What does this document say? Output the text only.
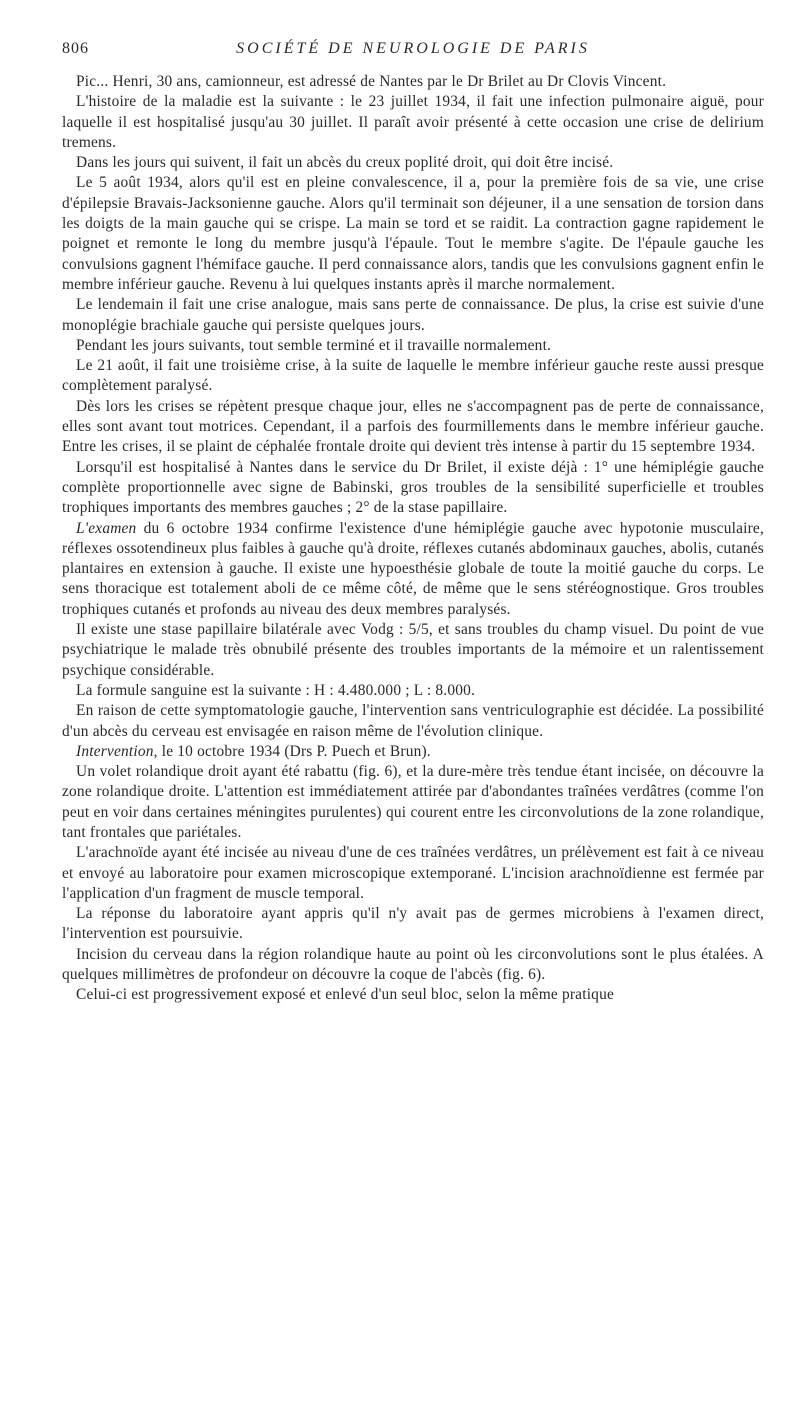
806	SOCIÉTÉ DE NEUROLOGIE DE PARIS

Pic... Henri, 30 ans, camionneur, est adressé de Nantes par le Dr Brilet au Dr Clovis Vincent.

L'histoire de la maladie est la suivante : le 23 juillet 1934, il fait une infection pulmonaire aiguë, pour laquelle il est hospitalisé jusqu'au 30 juillet. Il paraît avoir présenté à cette occasion une crise de delirium tremens.

Dans les jours qui suivent, il fait un abcès du creux poplité droit, qui doit être incisé.

Le 5 août 1934, alors qu'il est en pleine convalescence, il a, pour la première fois de sa vie, une crise d'épilepsie Bravais-Jacksonienne gauche. Alors qu'il terminait son déjeuner, il a une sensation de torsion dans les doigts de la main gauche qui se crispe. La main se tord et se raidit. La contraction gagne rapidement le poignet et remonte le long du membre jusqu'à l'épaule. Tout le membre s'agite. De l'épaule gauche les convulsions gagnent l'hémiface gauche. Il perd connaissance alors, tandis que les convulsions gagnent enfin le membre inférieur gauche. Revenu à lui quelques instants après il marche normalement.

Le lendemain il fait une crise analogue, mais sans perte de connaissance. De plus, la crise est suivie d'une monoplégie brachiale gauche qui persiste quelques jours.

Pendant les jours suivants, tout semble terminé et il travaille normalement.

Le 21 août, il fait une troisième crise, à la suite de laquelle le membre inférieur gauche reste aussi presque complètement paralysé.

Dès lors les crises se répètent presque chaque jour, elles ne s'accompagnent pas de perte de connaissance, elles sont avant tout motrices. Cependant, il a parfois des fourmillements dans le membre inférieur gauche. Entre les crises, il se plaint de céphalée frontale droite qui devient très intense à partir du 15 septembre 1934.

Lorsqu'il est hospitalisé à Nantes dans le service du Dr Brilet, il existe déjà : 1° une hémiplégie gauche complète proportionnelle avec signe de Babinski, gros troubles de la sensibilité superficielle et troubles trophiques importants des membres gauches ; 2° de la stase papillaire.

L'examen du 6 octobre 1934 confirme l'existence d'une hémiplégie gauche avec hypotonie musculaire, réflexes ossotendineux plus faibles à gauche qu'à droite, réflexes cutanés abdominaux gauches, abolis, cutanés plantaires en extension à gauche. Il existe une hypoesthésie globale de toute la moitié gauche du corps. Le sens thoracique est totalement aboli de ce même côté, de même que le sens stéréognostique. Gros troubles trophiques cutanés et profonds au niveau des deux membres paralysés.

Il existe une stase papillaire bilatérale avec Vodg : 5/5, et sans troubles du champ visuel. Du point de vue psychiatrique le malade très obnubilé présente des troubles importants de la mémoire et un ralentissement psychique considérable.

La formule sanguine est la suivante : H : 4.480.000 ; L : 8.000.

En raison de cette symptomatologie gauche, l'intervention sans ventriculographie est décidée. La possibilité d'un abcès du cerveau est envisagée en raison même de l'évolution clinique.

Intervention, le 10 octobre 1934 (Drs P. Puech et Brun).

Un volet rolandique droit ayant été rabattu (fig. 6), et la dure-mère très tendue étant incisée, on découvre la zone rolandique droite. L'attention est immédiatement attirée par d'abondantes traînées verdâtres (comme l'on peut en voir dans certaines méningites purulentes) qui courent entre les circonvolutions de la zone rolandique, tant frontales que pariétales.

L'arachnoïde ayant été incisée au niveau d'une de ces traînées verdâtres, un prélèvement est fait à ce niveau et envoyé au laboratoire pour examen microscopique extemporané. L'incision arachnoïdienne est fermée par l'application d'un fragment de muscle temporal.

La réponse du laboratoire ayant appris qu'il n'y avait pas de germes microbiens à l'examen direct, l'intervention est poursuivie.

Incision du cerveau dans la région rolandique haute au point où les circonvolutions sont le plus étalées. A quelques millimètres de profondeur on découvre la coque de l'abcès (fig. 6).

Celui-ci est progressivement exposé et enlevé d'un seul bloc, selon la même pratique
